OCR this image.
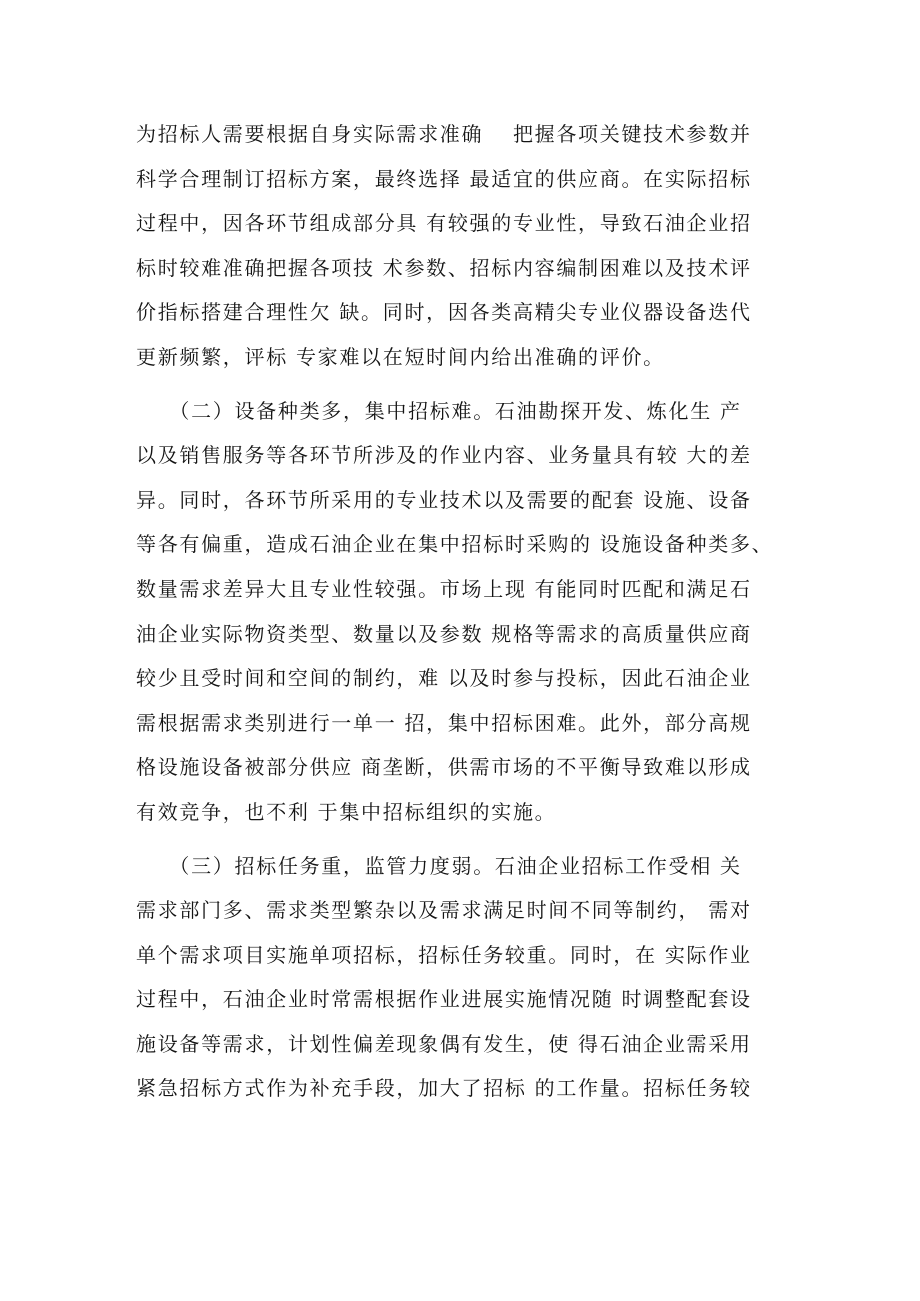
为招标人需要根据自身实际需求准确　 把握各项关键技术参数并
科学合理制订招标方案，最终选择 最适宜的供应商。在实际招标
过程中，因各环节组成部分具 有较强的专业性，导致石油企业招
标时较难准确把握各项技 术参数、招标内容编制困难以及技术评
价指标搭建合理性欠 缺。同时，因各类高精尖专业仪器设备迭代
更新频繁，评标 专家难以在短时间内给出准确的评价。
　　（二）设备种类多，集中招标难。石油勘探开发、炼化生 产
以及销售服务等各环节所涉及的作业内容、业务量具有较 大的差
异。同时，各环节所采用的专业技术以及需要的配套 设施、设备
等各有偏重，造成石油企业在集中招标时采购的 设施设备种类多、
数量需求差异大且专业性较强。市场上现 有能同时匹配和满足石
油企业实际物资类型、数量以及参数 规格等需求的高质量供应商
较少且受时间和空间的制约，难 以及时参与投标，因此石油企业
需根据需求类别进行一单一 招，集中招标困难。此外，部分高规
格设施设备被部分供应 商垄断，供需市场的不平衡导致难以形成
有效竞争，也不利 于集中招标组织的实施。
　　（三）招标任务重，监管力度弱。石油企业招标工作受相 关
需求部门多、需求类型繁杂以及需求满足时间不同等制约， 需对
单个需求项目实施单项招标，招标任务较重。同时，在 实际作业
过程中，石油企业时常需根据作业进展实施情况随 时调整配套设
施设备等需求，计划性偏差现象偶有发生，使 得石油企业需采用
紧急招标方式作为补充手段，加大了招标 的工作量。招标任务较
